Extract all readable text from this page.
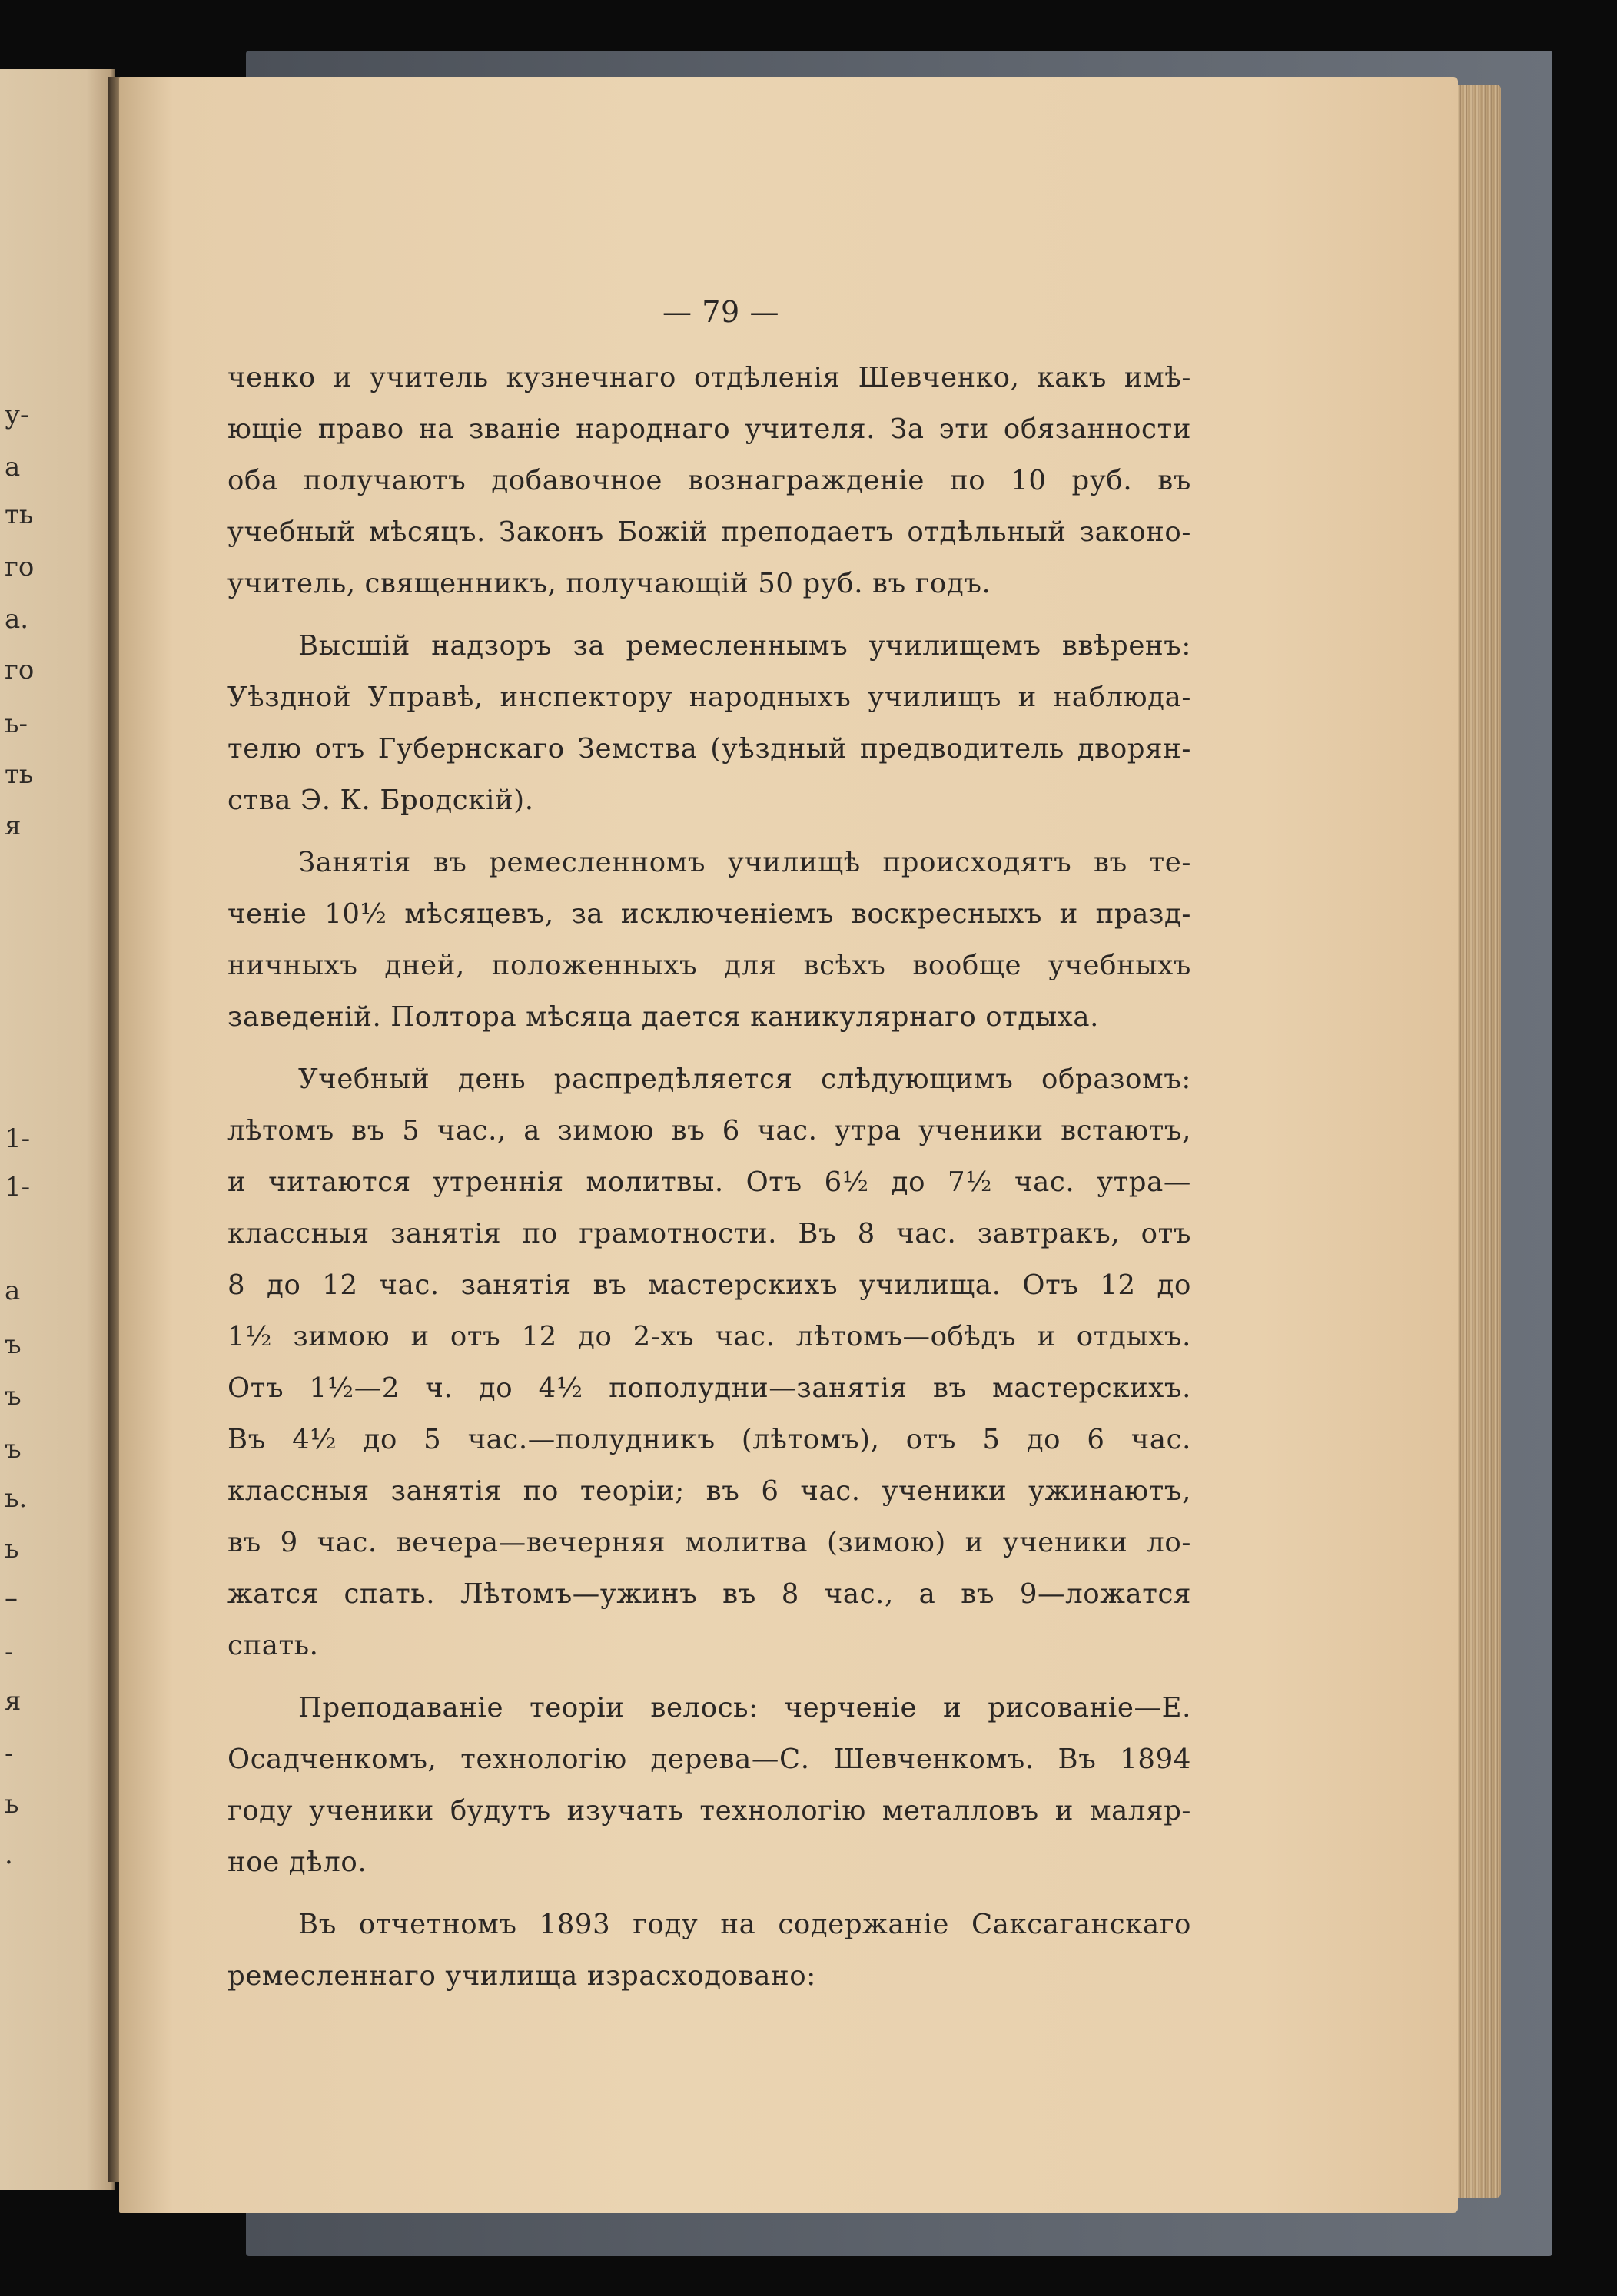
у-
а
ть
го
а.
го
ь-
ть
я
1-
1-
а
ъ
ъ
ъ
ь.
ь
–
-
я
-
ь
.
— 79 —
ченко и учитель кузнечнаго отдѣленія Шевченко, какъ имѣ-
ющіе право на званіе народнаго учителя. За эти обязанности
оба получаютъ добавочное вознагражденіе по 10 руб. въ
учебный мѣсяцъ. Законъ Божій преподаетъ отдѣльный законо-
учитель, священникъ, получающій 50 руб. въ годъ.
Высшій надзоръ за ремесленнымъ училищемъ ввѣренъ:
Уѣздной Управѣ, инспектору народныхъ училищъ и наблюда-
телю отъ Губернскаго Земства (уѣздный предводитель дворян-
ства Э. К. Бродскій).
Занятія въ ремесленномъ училищѣ происходятъ въ те-
ченіе 10½ мѣсяцевъ, за исключеніемъ воскресныхъ и празд-
ничныхъ дней, положенныхъ для всѣхъ вообще учебныхъ
заведеній. Полтора мѣсяца дается каникулярнаго отдыха.
Учебный день распредѣляется слѣдующимъ образомъ:
лѣтомъ въ 5 час., а зимою въ 6 час. утра ученики встаютъ,
и читаются утреннія молитвы. Отъ 6½ до 7½ час. утра—
классныя занятія по грамотности. Въ 8 час. завтракъ, отъ
8 до 12 час. занятія въ мастерскихъ училища. Отъ 12 до
1½ зимою и отъ 12 до 2-хъ час. лѣтомъ—обѣдъ и отдыхъ.
Отъ 1½—2 ч. до 4½ пополудни—занятія въ мастерскихъ.
Въ 4½ до 5 час.—полудникъ (лѣтомъ), отъ 5 до 6 час.
классныя занятія по теоріи; въ 6 час. ученики ужинаютъ,
въ 9 час. вечера—вечерняя молитва (зимою) и ученики ло-
жатся спать. Лѣтомъ—ужинъ въ 8 час., а въ 9—ложатся
спать.
Преподаваніе теоріи велось: черченіе и рисованіе—Е.
Осадченкомъ, технологію дерева—С. Шевченкомъ. Въ 1894
году ученики будутъ изучать технологію металловъ и маляр-
ное дѣло.
Въ отчетномъ 1893 году на содержаніе Саксаганскаго
ремесленнаго училища израсходовано:
